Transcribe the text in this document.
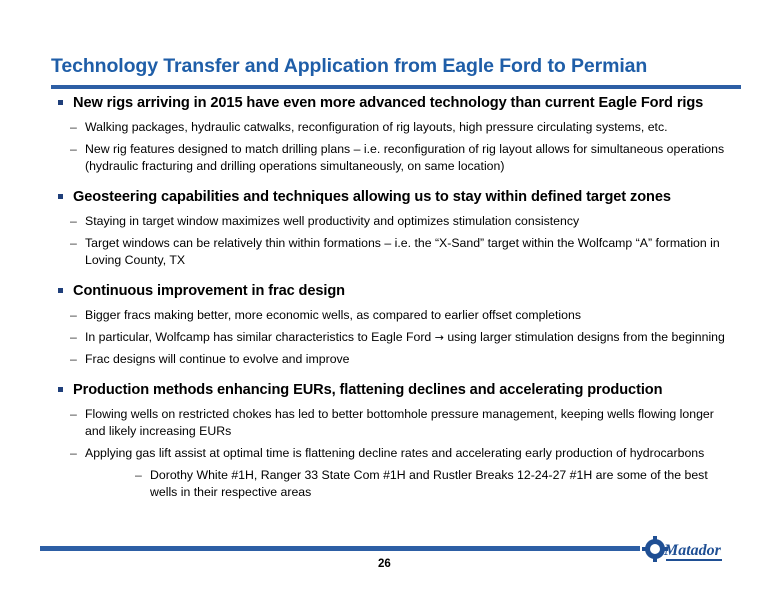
Technology Transfer and Application from Eagle Ford to Permian
New rigs arriving in 2015 have even more advanced technology than current Eagle Ford rigs
– Walking packages, hydraulic catwalks, reconfiguration of rig layouts, high pressure circulating systems, etc.
– New rig features designed to match drilling plans – i.e. reconfiguration of rig layout allows for simultaneous operations (hydraulic fracturing and drilling operations simultaneously, on same location)
Geosteering capabilities and techniques allowing us to stay within defined target zones
– Staying in target window maximizes well productivity and optimizes stimulation consistency
– Target windows can be relatively thin within formations – i.e. the “X-Sand” target within the Wolfcamp “A” formation in Loving County, TX
Continuous improvement in frac design
– Bigger fracs making better, more economic wells, as compared to earlier offset completions
– In particular, Wolfcamp has similar characteristics to Eagle Ford → using larger stimulation designs from the beginning
– Frac designs will continue to evolve and improve
Production methods enhancing EURs, flattening declines and accelerating production
– Flowing wells on restricted chokes has led to better bottomhole pressure management, keeping wells flowing longer and likely increasing EURs
– Applying gas lift assist at optimal time is flattening decline rates and accelerating early production of hydrocarbons
– Dorothy White #1H, Ranger 33 State Com #1H and Rustler Breaks 12-24-27 #1H are some of the best wells in their respective areas
26
Matador
